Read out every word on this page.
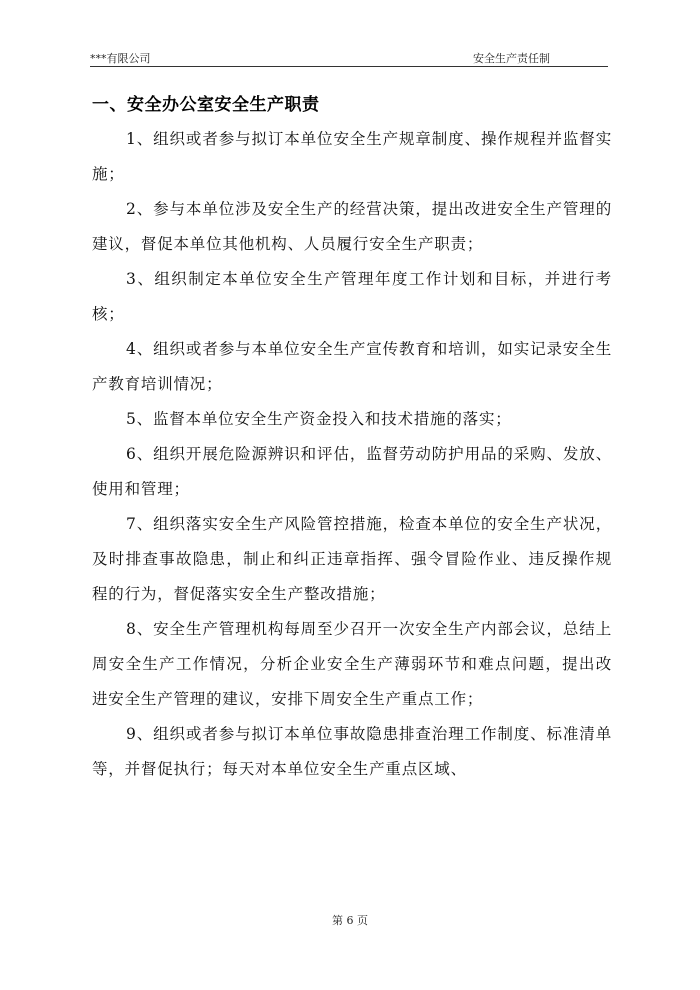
***有限公司	安全生产责任制
一、安全办公室安全生产职责

1、组织或者参与拟订本单位安全生产规章制度、操作规程并监督实施；

2、参与本单位涉及安全生产的经营决策，提出改进安全生产管理的建议，督促本单位其他机构、人员履行安全生产职责；

3、组织制定本单位安全生产管理年度工作计划和目标，并进行考核；

4、组织或者参与本单位安全生产宣传教育和培训，如实记录安全生产教育培训情况；

5、监督本单位安全生产资金投入和技术措施的落实；

6、组织开展危险源辨识和评估，监督劳动防护用品的采购、发放、使用和管理；

7、组织落实安全生产风险管控措施，检查本单位的安全生产状况，及时排查事故隐患，制止和纠正违章指挥、强令冒险作业、违反操作规程的行为，督促落实安全生产整改措施；

8、安全生产管理机构每周至少召开一次安全生产内部会议，总结上周安全生产工作情况，分析企业安全生产薄弱环节和难点问题，提出改进安全生产管理的建议，安排下周安全生产重点工作；

9、组织或者参与拟订本单位事故隐患排查治理工作制度、标准清单等，并督促执行；每天对本单位安全生产重点区域、

第 6 页
